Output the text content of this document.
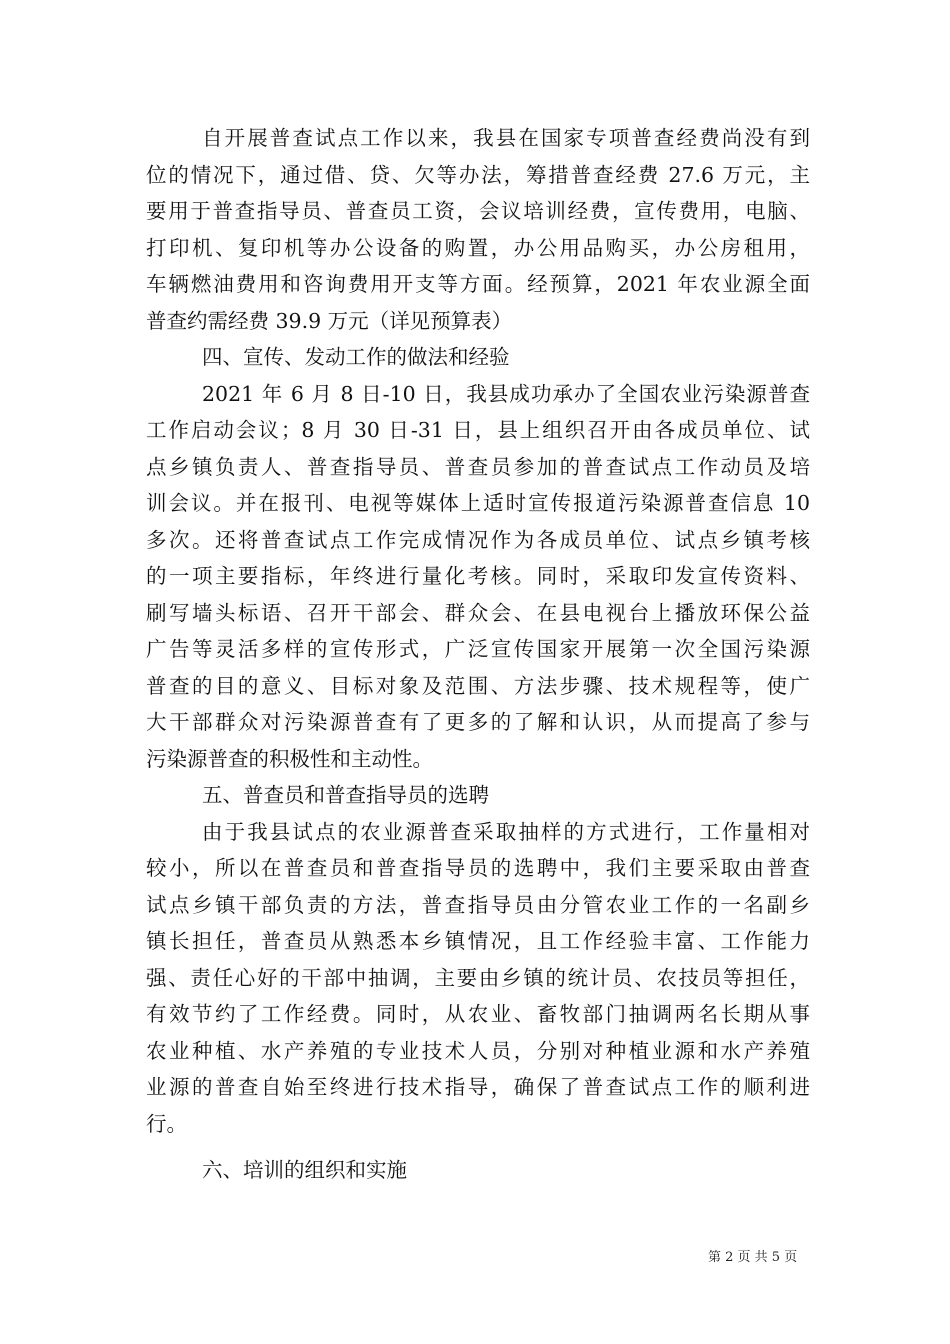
自开展普查试点工作以来，我县在国家专项普查经费尚没有到
位的情况下，通过借、贷、欠等办法，筹措普查经费 27.6 万元，主
要用于普查指导员、普查员工资，会议培训经费，宣传费用，电脑、
打印机、复印机等办公设备的购置，办公用品购买，办公房租用，
车辆燃油费用和咨询费用开支等方面。经预算，2021 年农业源全面
普查约需经费 39.9 万元（详见预算表）
四、宣传、发动工作的做法和经验
2021 年 6 月 8 日-10 日，我县成功承办了全国农业污染源普查
工作启动会议；8 月 30 日-31 日，县上组织召开由各成员单位、试
点乡镇负责人、普查指导员、普查员参加的普查试点工作动员及培
训会议。并在报刊、电视等媒体上适时宣传报道污染源普查信息 10
多次。还将普查试点工作完成情况作为各成员单位、试点乡镇考核
的一项主要指标，年终进行量化考核。同时，采取印发宣传资料、
刷写墙头标语、召开干部会、群众会、在县电视台上播放环保公益
广告等灵活多样的宣传形式，广泛宣传国家开展第一次全国污染源
普查的目的意义、目标对象及范围、方法步骤、技术规程等，使广
大干部群众对污染源普查有了更多的了解和认识，从而提高了参与
污染源普查的积极性和主动性。
五、普查员和普查指导员的选聘
由于我县试点的农业源普查采取抽样的方式进行，工作量相对
较小，所以在普查员和普查指导员的选聘中，我们主要采取由普查
试点乡镇干部负责的方法，普查指导员由分管农业工作的一名副乡
镇长担任，普查员从熟悉本乡镇情况，且工作经验丰富、工作能力
强、责任心好的干部中抽调，主要由乡镇的统计员、农技员等担任，
有效节约了工作经费。同时，从农业、畜牧部门抽调两名长期从事
农业种植、水产养殖的专业技术人员，分别对种植业源和水产养殖
业源的普查自始至终进行技术指导，确保了普查试点工作的顺利进
行。
六、培训的组织和实施
第 2 页 共 5 页
